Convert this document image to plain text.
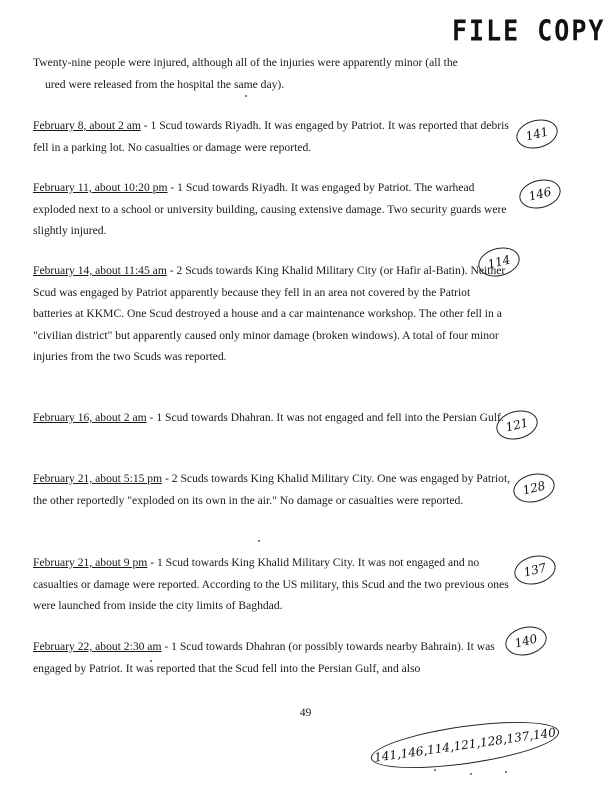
FILE COPY

Twenty-nine people were injured, although all of the injuries were apparently minor (all the
ured were released from the hospital the same day).

February 8, about 2 am - 1 Scud towards Riyadh. It was engaged by Patriot. It was reported that debris fell in a parking lot. No casualties or damage were reported.

141

February 11, about 10:20 pm - 1 Scud towards Riyadh. It was engaged by Patriot. The warhead exploded next to a school or university building, causing extensive damage. Two security guards were slightly injured.

146

February 14, about 11:45 am - 2 Scuds towards King Khalid Military City (or Hafir al-Batin). Neither Scud was engaged by Patriot apparently because they fell in an area not covered by the Patriot batteries at KKMC. One Scud destroyed a house and a car maintenance workshop. The other fell in a "civilian district" but apparently caused only minor damage (broken windows). A total of four minor injuries from the two Scuds was reported.

114

February 16, about 2 am - 1 Scud towards Dhahran. It was not engaged and fell into the Persian Gulf. 121

February 21, about 5:15 pm - 2 Scuds towards King Khalid Military City. One was engaged by Patriot, the other reportedly "exploded on its own in the air." No damage or casualties were reported.

128

February 21, about 9 pm - 1 Scud towards King Khalid Military City. It was not engaged and no casualties or damage were reported. According to the US military, this Scud and the two previous ones were launched from inside the city limits of Baghdad.

137

February 22, about 2:30 am - 1 Scud towards Dhahran (or possibly towards nearby Bahrain). It was engaged by Patriot. It was reported that the Scud fell into the Persian Gulf, and also

140
49
141,146,114,121,128,137,140
